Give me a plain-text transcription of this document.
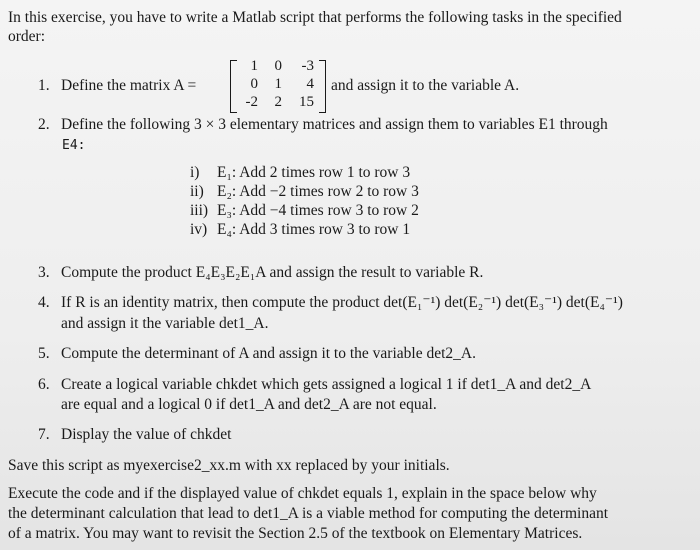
In this exercise, you have to write a Matlab script that performs the following tasks in the specified
order:
1. Define the matrix A =
1	0	-3
0	1	4
-2	2	15
and assign it to the variable A.
2. Define the following 3 × 3 elementary matrices and assign them to variables E1 through
E4:
i) E₁: Add 2 times row 1 to row 3
ii) E₂: Add −2 times row 2 to row 3
iii) E₃: Add −4 times row 3 to row 2
iv) E₄: Add 3 times row 3 to row 1
3. Compute the product E₄E₃E₂E₁A and assign the result to variable R.
4. If R is an identity matrix, then compute the product det(E₁⁻¹) det(E₂⁻¹) det(E₃⁻¹) det(E₄⁻¹)
and assign it the variable det1_A.
5. Compute the determinant of A and assign it to the variable det2_A.
6. Create a logical variable chkdet which gets assigned a logical 1 if det1_A and det2_A
are equal and a logical 0 if det1_A and det2_A are not equal.
7. Display the value of chkdet
Save this script as myexercise2_xx.m with xx replaced by your initials.
Execute the code and if the displayed value of chkdet equals 1, explain in the space below why
the determinant calculation that lead to det1_A is a viable method for computing the determinant
of a matrix. You may want to revisit the Section 2.5 of the textbook on Elementary Matrices.
